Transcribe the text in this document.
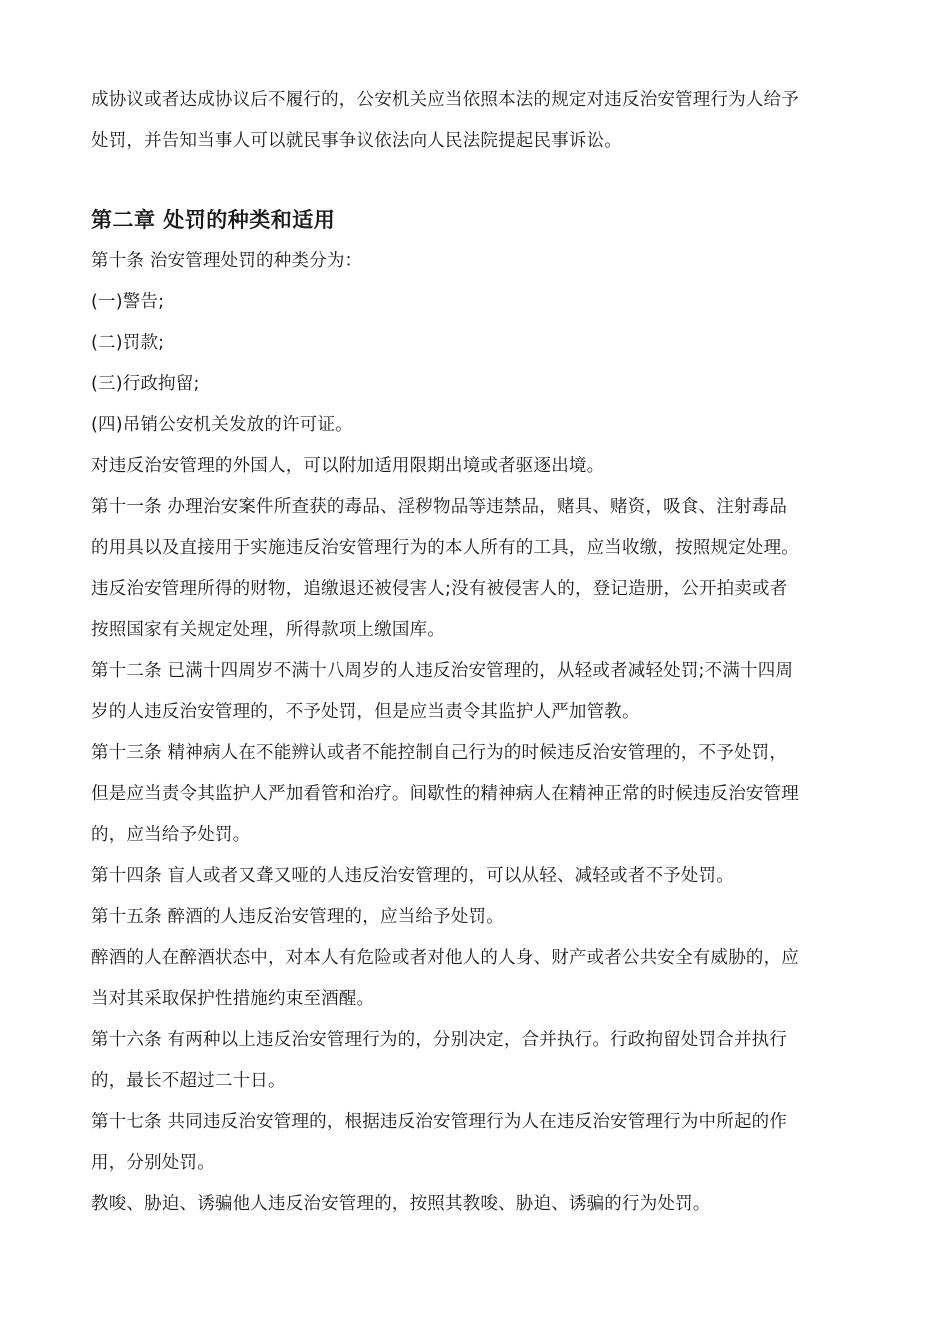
成协议或者达成协议后不履行的，公安机关应当依照本法的规定对违反治安管理行为人给予
处罚，并告知当事人可以就民事争议依法向人民法院提起民事诉讼。
第二章 处罚的种类和适用
第十条 治安管理处罚的种类分为：
(一)警告;
(二)罚款;
(三)行政拘留;
(四)吊销公安机关发放的许可证。
对违反治安管理的外国人，可以附加适用限期出境或者驱逐出境。
第十一条 办理治安案件所查获的毒品、淫秽物品等违禁品，赌具、赌资，吸食、注射毒品
的用具以及直接用于实施违反治安管理行为的本人所有的工具，应当收缴，按照规定处理。
违反治安管理所得的财物，追缴退还被侵害人;没有被侵害人的，登记造册，公开拍卖或者
按照国家有关规定处理，所得款项上缴国库。
第十二条 已满十四周岁不满十八周岁的人违反治安管理的，从轻或者减轻处罚;不满十四周
岁的人违反治安管理的，不予处罚，但是应当责令其监护人严加管教。
第十三条 精神病人在不能辨认或者不能控制自己行为的时候违反治安管理的，不予处罚，
但是应当责令其监护人严加看管和治疗。间歇性的精神病人在精神正常的时候违反治安管理
的，应当给予处罚。
第十四条 盲人或者又聋又哑的人违反治安管理的，可以从轻、减轻或者不予处罚。
第十五条 醉酒的人违反治安管理的，应当给予处罚。
醉酒的人在醉酒状态中，对本人有危险或者对他人的人身、财产或者公共安全有威胁的，应
当对其采取保护性措施约束至酒醒。
第十六条 有两种以上违反治安管理行为的，分别决定，合并执行。行政拘留处罚合并执行
的，最长不超过二十日。
第十七条 共同违反治安管理的，根据违反治安管理行为人在违反治安管理行为中所起的作
用，分别处罚。
教唆、胁迫、诱骗他人违反治安管理的，按照其教唆、胁迫、诱骗的行为处罚。
